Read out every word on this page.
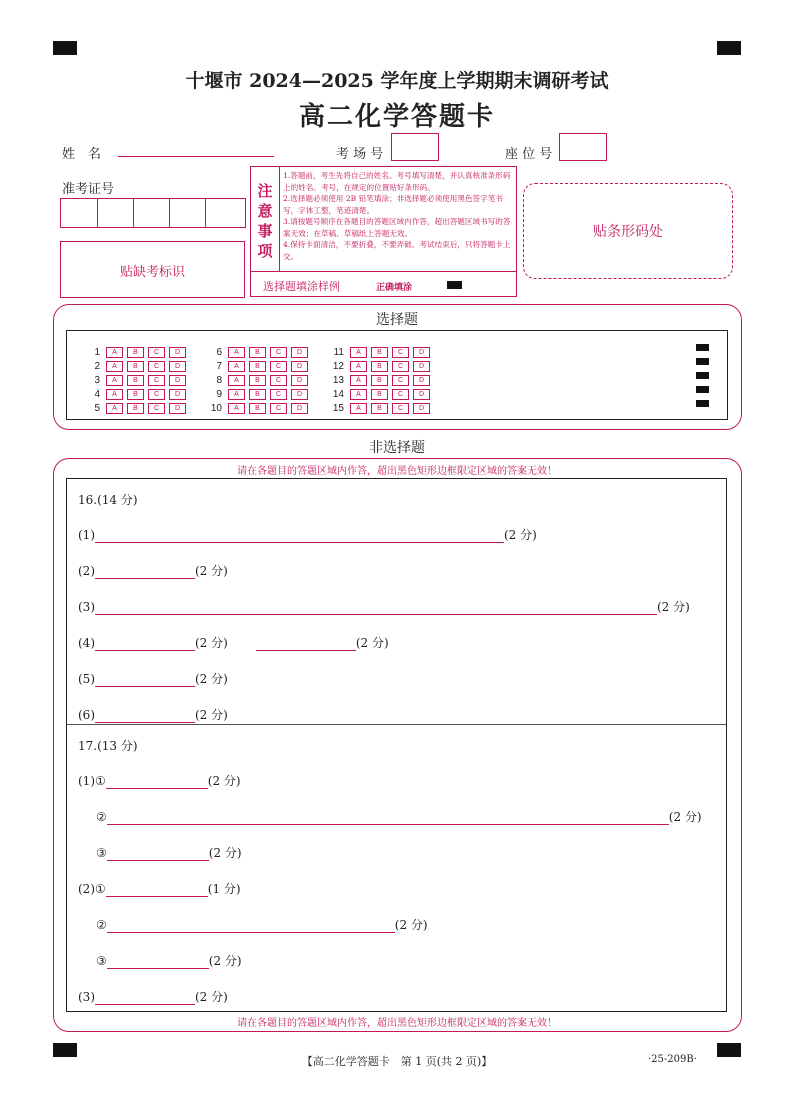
十堰市 2024—2025 学年度上学期期末调研考试
高二化学答题卡
姓　名	考 场 号	座 位 号
准考证号
贴缺考标识
注
意
事
项
1.答题前，考生先将自己的姓名、考号填写清楚，并认真核准条形码上的姓名、考号，在规定的位置贴好条形码。
2.选择题必须使用 2B 铅笔填涂；非选择题必须使用黑色签字笔书写，字体工整，笔迹清楚。
3.请按题号顺序在各题目的答题区域内作答，超出答题区域书写的答案无效；在草稿、草稿纸上答题无效。
4.保持卡面清洁，不要折叠，不要弄破。考试结束后，只将答题卡上交。
选择题填涂样例	正确填涂
贴条形码处
选择题
1 A B C D
2 A B C D
3 A B C D
4 A B C D
5 A B C D
6 A B C D
7 A B C D
8 A B C D
9 A B C D
10 A B C D
11 A B C D
12 A B C D
13 A B C D
14 A B C D
15 A B C D
非选择题
请在各题目的答题区域内作答，超出黑色矩形边框限定区域的答案无效！
请在各题目的答题区域内作答，超出黑色矩形边框限定区域的答案无效！
16.(14 分)
(1)	(2 分)
(2)	(2 分)
(3)	(2 分)
(4)	(2 分)	(2 分)
(5)	(2 分)
(6)	(2 分)
17.(13 分)
(1)①	(2 分)
②	(2 分)
③	(2 分)
(2)①	(1 分)
②	(2 分)
③	(2 分)
(3)	(2 分)
【高二化学答题卡　第 1 页(共 2 页)】	·25-209B·
